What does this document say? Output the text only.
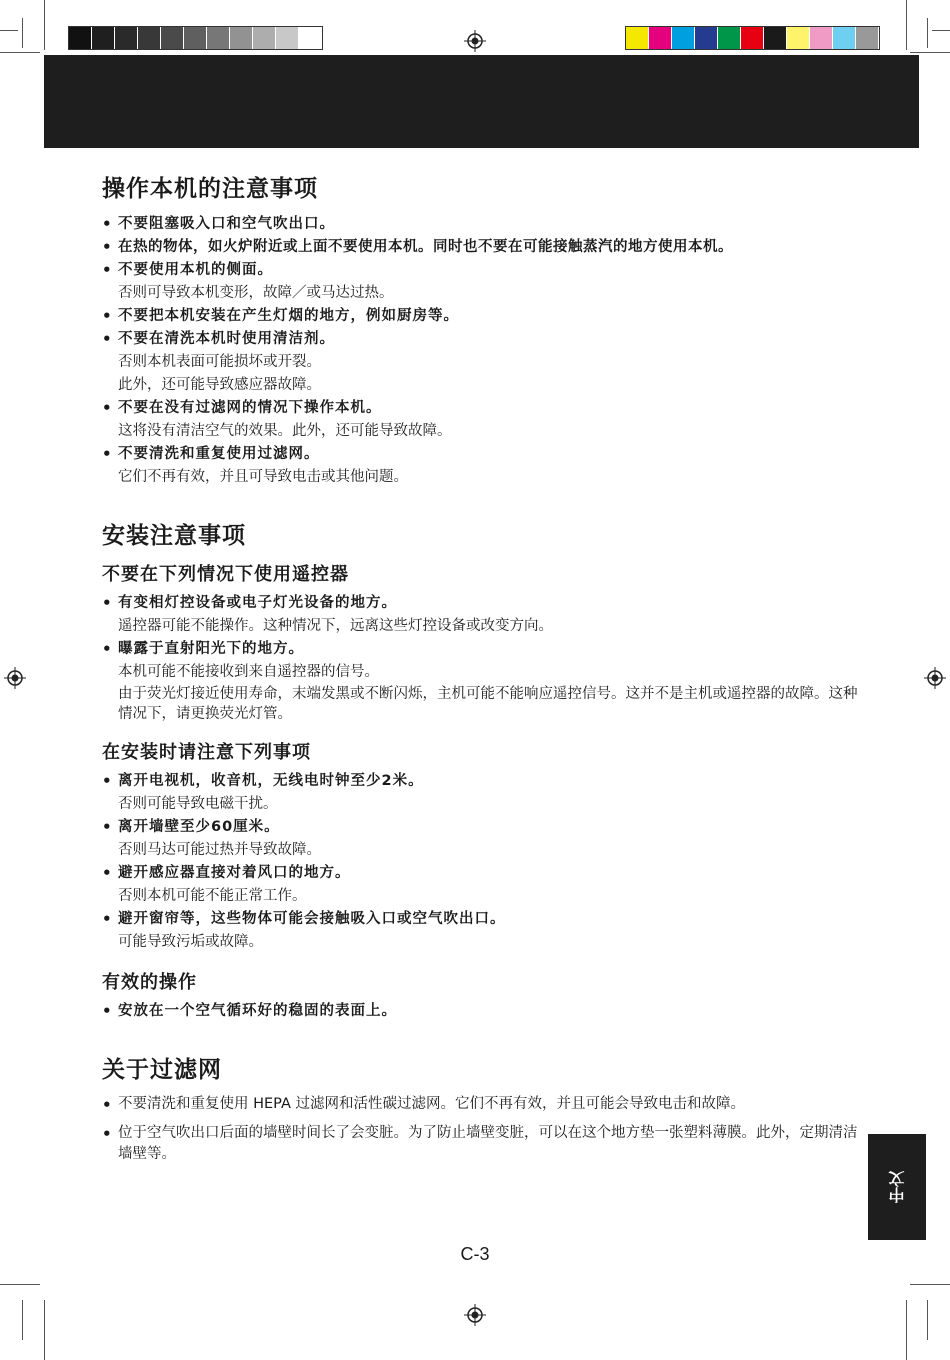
操作本机的注意事项
• 不要阻塞吸入口和空气吹出口。
• 在热的物体，如火炉附近或上面不要使用本机。同时也不要在可能接触蒸汽的地方使用本机。
• 不要使用本机的侧面。
否则可导致本机变形，故障／或马达过热。
• 不要把本机安装在产生灯烟的地方，例如厨房等。
• 不要在清洗本机时使用清洁剂。
否则本机表面可能损坏或开裂。
此外，还可能导致感应器故障。
• 不要在没有过滤网的情况下操作本机。
这将没有清洁空气的效果。此外，还可能导致故障。
• 不要清洗和重复使用过滤网。
它们不再有效，并且可导致电击或其他问题。
安装注意事项
不要在下列情况下使用遥控器
• 有变相灯控设备或电子灯光设备的地方。
遥控器可能不能操作。这种情况下，远离这些灯控设备或改变方向。
• 曝露于直射阳光下的地方。
本机可能不能接收到来自遥控器的信号。
由于荧光灯接近使用寿命，末端发黑或不断闪烁，主机可能不能响应遥控信号。这并不是主机或遥控器的故障。这种情况下，请更换荧光灯管。
在安装时请注意下列事项
• 离开电视机，收音机，无线电时钟至少2米。
否则可能导致电磁干扰。
• 离开墙壁至少60厘米。
否则马达可能过热并导致故障。
• 避开感应器直接对着风口的地方。
否则本机可能不能正常工作。
• 避开窗帘等，这些物体可能会接触吸入口或空气吹出口。
可能导致污垢或故障。
有效的操作
• 安放在一个空气循环好的稳固的表面上。
关于过滤网
• 不要清洗和重复使用 HEPA 过滤网和活性碳过滤网。它们不再有效，并且可能会导致电击和故障。
• 位于空气吹出口后面的墙壁时间长了会变脏。为了防止墙壁变脏，可以在这个地方垫一张塑料薄膜。此外，定期清洁墙壁等。
中文
C-3
